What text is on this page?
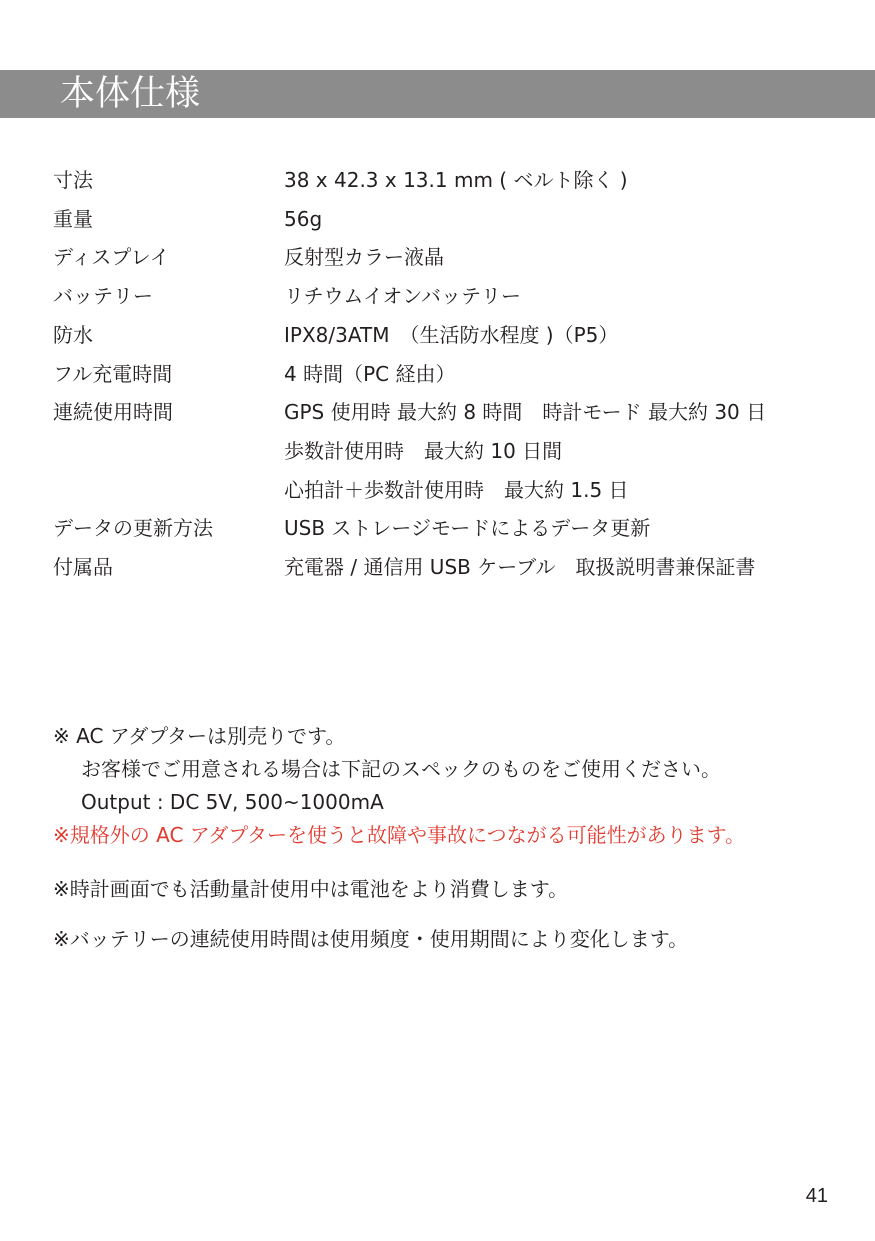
本体仕様
寸法	38 x 42.3 x 13.1 mm ( ベルト除く )
重量	56g
ディスプレイ	反射型カラー液晶
バッテリー	リチウムイオンバッテリー
防水	IPX8/3ATM　（生活防水程度 )（P5）
フル充電時間	4 時間（PC 経由）
連続使用時間	GPS 使用時 最大約 8 時間　時計モード 最大約 30 日
歩数計使用時　最大約 10 日間
心拍計＋歩数計使用時　最大約 1.5 日
データの更新方法	USB ストレージモードによるデータ更新
付属品	充電器 / 通信用 USB ケーブル　取扱説明書兼保証書
※ AC アダプターは別売りです。
お客様でご用意される場合は下記のスペックのものをご使用ください。
Output : DC 5V, 500~1000mA
※規格外の AC アダプターを使うと故障や事故につながる可能性があります。
※時計画面でも活動量計使用中は電池をより消費します。
※バッテリーの連続使用時間は使用頻度・使用期間により変化します。
41
